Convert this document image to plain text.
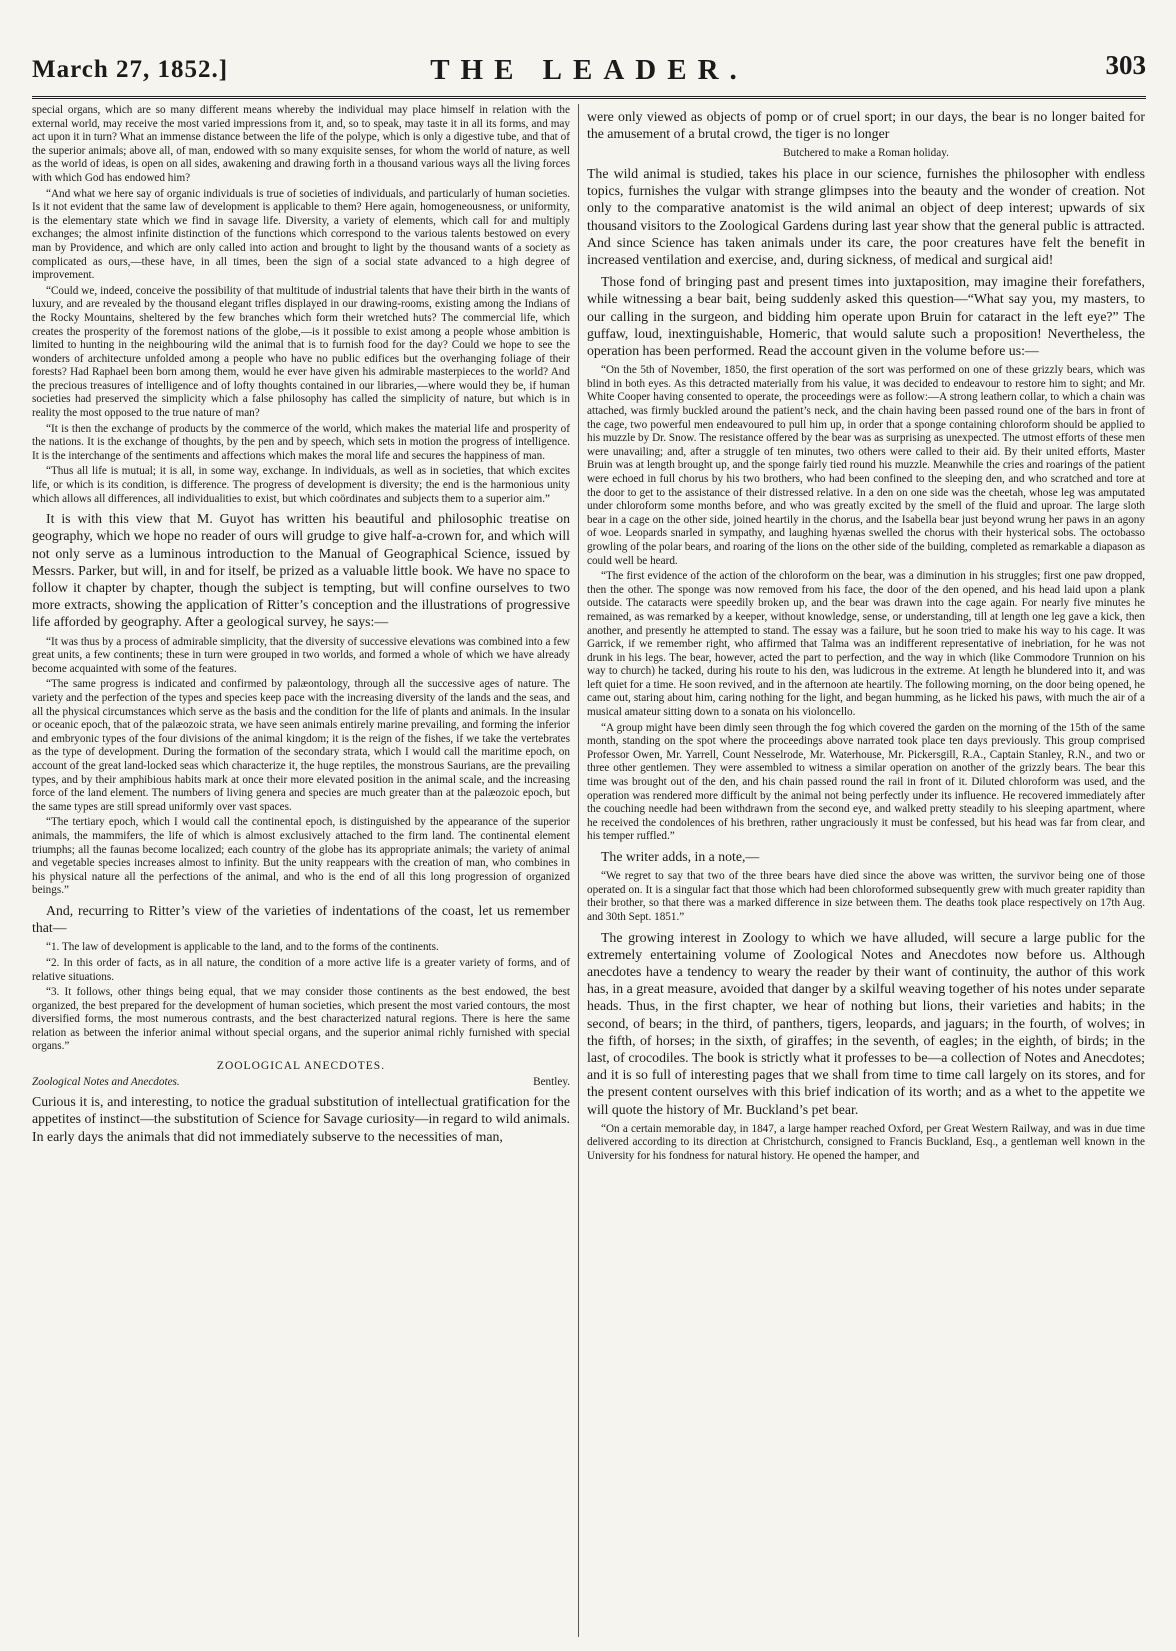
March 27, 1852.]	THE LEADER.	303

special organs, which are so many different means whereby the individual may place himself in relation with the external world, may receive the most varied impressions from it, and, so to speak, may taste it in all its forms, and may act upon it in turn? What an immense distance between the life of the polype, which is only a digestive tube, and that of the superior animals; above all, of man, endowed with so many exquisite senses, for whom the world of nature, as well as the world of ideas, is open on all sides, awakening and drawing forth in a thousand various ways all the living forces with which God has endowed him?

“And what we here say of organic individuals is true of societies of individuals, and particularly of human societies. Is it not evident that the same law of development is applicable to them? Here again, homogeneousness, or uniformity, is the elementary state which we find in savage life. Diversity, a variety of elements, which call for and multiply exchanges; the almost infinite distinction of the functions which correspond to the various talents bestowed on every man by Providence, and which are only called into action and brought to light by the thousand wants of a society as complicated as ours,—these have, in all times, been the sign of a social state advanced to a high degree of improvement.

“Could we, indeed, conceive the possibility of that multitude of industrial talents that have their birth in the wants of luxury, and are revealed by the thousand elegant trifles displayed in our drawing-rooms, existing among the Indians of the Rocky Mountains, sheltered by the few branches which form their wretched huts? The commercial life, which creates the prosperity of the foremost nations of the globe,—is it possible to exist among a people whose ambition is limited to hunting in the neighbouring wild the animal that is to furnish food for the day? Could we hope to see the wonders of architecture unfolded among a people who have no public edifices but the overhanging foliage of their forests? Had Raphael been born among them, would he ever have given his admirable masterpieces to the world? And the precious treasures of intelligence and of lofty thoughts contained in our libraries,—where would they be, if human societies had preserved the simplicity which a false philosophy has called the simplicity of nature, but which is in reality the most opposed to the true nature of man?

“It is then the exchange of products by the commerce of the world, which makes the material life and prosperity of the nations. It is the exchange of thoughts, by the pen and by speech, which sets in motion the progress of intelligence. It is the interchange of the sentiments and affections which makes the moral life and secures the happiness of man.

“Thus all life is mutual; it is all, in some way, exchange. In individuals, as well as in societies, that which excites life, or which is its condition, is difference. The progress of development is diversity; the end is the harmonious unity which allows all differences, all individualities to exist, but which coördinates and subjects them to a superior aim.”

It is with this view that M. Guyot has written his beautiful and philosophic treatise on geography, which we hope no reader of ours will grudge to give half-a-crown for, and which will not only serve as a luminous introduction to the Manual of Geographical Science, issued by Messrs. Parker, but will, in and for itself, be prized as a valuable little book. We have no space to follow it chapter by chapter, though the subject is tempting, but will confine ourselves to two more extracts, showing the application of Ritter’s conception and the illustrations of progressive life afforded by geography. After a geological survey, he says:—

“It was thus by a process of admirable simplicity, that the diversity of successive elevations was combined into a few great units, a few continents; these in turn were grouped in two worlds, and formed a whole of which we have already become acquainted with some of the features.

“The same progress is indicated and confirmed by palæontology, through all the successive ages of nature. The variety and the perfection of the types and species keep pace with the increasing diversity of the lands and the seas, and all the physical circumstances which serve as the basis and the condition for the life of plants and animals. In the insular or oceanic epoch, that of the palæozoic strata, we have seen animals entirely marine prevailing, and forming the inferior and embryonic types of the four divisions of the animal kingdom; it is the reign of the fishes, if we take the vertebrates as the type of development. During the formation of the secondary strata, which I would call the maritime epoch, on account of the great land-locked seas which characterize it, the huge reptiles, the monstrous Saurians, are the prevailing types, and by their amphibious habits mark at once their more elevated position in the animal scale, and the increasing force of the land element. The numbers of living genera and species are much greater than at the palæozoic epoch, but the same types are still spread uniformly over vast spaces.

“The tertiary epoch, which I would call the continental epoch, is distinguished by the appearance of the superior animals, the mammifers, the life of which is almost exclusively attached to the firm land. The continental element triumphs; all the faunas become localized; each country of the globe has its appropriate animals; the variety of animal and vegetable species increases almost to infinity. But the unity reappears with the creation of man, who combines in his physical nature all the perfections of the animal, and who is the end of all this long progression of organized beings.”

And, recurring to Ritter’s view of the varieties of indentations of the coast, let us remember that—

“1. The law of development is applicable to the land, and to the forms of the continents.

“2. In this order of facts, as in all nature, the condition of a more active life is a greater variety of forms, and of relative situations.

“3. It follows, other things being equal, that we may consider those continents as the best endowed, the best organized, the best prepared for the development of human societies, which present the most varied contours, the most diversified forms, the most numerous contrasts, and the best characterized natural regions. There is here the same relation as between the inferior animal without special organs, and the superior animal richly furnished with special organs.”

ZOOLOGICAL ANECDOTES.
Zoological Notes and Anecdotes.	Bentley.

Curious it is, and interesting, to notice the gradual substitution of intellectual gratification for the appetites of instinct—the substitution of Science for Savage curiosity—in regard to wild animals. In early days the animals that did not immediately subserve to the necessities of man,

were only viewed as objects of pomp or of cruel sport; in our days, the bear is no longer baited for the amusement of a brutal crowd, the tiger is no longer

Butchered to make a Roman holiday.

The wild animal is studied, takes his place in our science, furnishes the philosopher with endless topics, furnishes the vulgar with strange glimpses into the beauty and the wonder of creation. Not only to the comparative anatomist is the wild animal an object of deep interest; upwards of six thousand visitors to the Zoological Gardens during last year show that the general public is attracted. And since Science has taken animals under its care, the poor creatures have felt the benefit in increased ventilation and exercise, and, during sickness, of medical and surgical aid!

Those fond of bringing past and present times into juxtaposition, may imagine their forefathers, while witnessing a bear bait, being suddenly asked this question—“What say you, my masters, to our calling in the surgeon, and bidding him operate upon Bruin for cataract in the left eye?” The guffaw, loud, inextinguishable, Homeric, that would salute such a proposition! Nevertheless, the operation has been performed. Read the account given in the volume before us:—

“On the 5th of November, 1850, the first operation of the sort was performed on one of these grizzly bears, which was blind in both eyes. As this detracted materially from his value, it was decided to endeavour to restore him to sight; and Mr. White Cooper having consented to operate, the proceedings were as follow:—A strong leathern collar, to which a chain was attached, was firmly buckled around the patient’s neck, and the chain having been passed round one of the bars in front of the cage, two powerful men endeavoured to pull him up, in order that a sponge containing chloroform should be applied to his muzzle by Dr. Snow. The resistance offered by the bear was as surprising as unexpected. The utmost efforts of these men were unavailing; and, after a struggle of ten minutes, two others were called to their aid. By their united efforts, Master Bruin was at length brought up, and the sponge fairly tied round his muzzle. Meanwhile the cries and roarings of the patient were echoed in full chorus by his two brothers, who had been confined to the sleeping den, and who scratched and tore at the door to get to the assistance of their distressed relative. In a den on one side was the cheetah, whose leg was amputated under chloroform some months before, and who was greatly excited by the smell of the fluid and uproar. The large sloth bear in a cage on the other side, joined heartily in the chorus, and the Isabella bear just beyond wrung her paws in an agony of woe. Leopards snarled in sympathy, and laughing hyænas swelled the chorus with their hysterical sobs. The octobasso growling of the polar bears, and roaring of the lions on the other side of the building, completed as remarkable a diapason as could well be heard.

“The first evidence of the action of the chloroform on the bear, was a diminution in his struggles; first one paw dropped, then the other. The sponge was now removed from his face, the door of the den opened, and his head laid upon a plank outside. The cataracts were speedily broken up, and the bear was drawn into the cage again. For nearly five minutes he remained, as was remarked by a keeper, without knowledge, sense, or understanding, till at length one leg gave a kick, then another, and presently he attempted to stand. The essay was a failure, but he soon tried to make his way to his cage. It was Garrick, if we remember right, who affirmed that Talma was an indifferent representative of inebriation, for he was not drunk in his legs. The bear, however, acted the part to perfection, and the way in which (like Commodore Trunnion on his way to church) he tacked, during his route to his den, was ludicrous in the extreme. At length he blundered into it, and was left quiet for a time. He soon revived, and in the afternoon ate heartily. The following morning, on the door being opened, he came out, staring about him, caring nothing for the light, and began humming, as he licked his paws, with much the air of a musical amateur sitting down to a sonata on his violoncello.

“A group might have been dimly seen through the fog which covered the garden on the morning of the 15th of the same month, standing on the spot where the proceedings above narrated took place ten days previously. This group comprised Professor Owen, Mr. Yarrell, Count Nesselrode, Mr. Waterhouse, Mr. Pickersgill, R.A., Captain Stanley, R.N., and two or three other gentlemen. They were assembled to witness a similar operation on another of the grizzly bears. The bear this time was brought out of the den, and his chain passed round the rail in front of it. Diluted chloroform was used, and the operation was rendered more difficult by the animal not being perfectly under its influence. He recovered immediately after the couching needle had been withdrawn from the second eye, and walked pretty steadily to his sleeping apartment, where he received the condolences of his brethren, rather ungraciously it must be confessed, but his head was far from clear, and his temper ruffled.”

The writer adds, in a note,—

“We regret to say that two of the three bears have died since the above was written, the survivor being one of those operated on. It is a singular fact that those which had been chloroformed subsequently grew with much greater rapidity than their brother, so that there was a marked difference in size between them. The deaths took place respectively on 17th Aug. and 30th Sept. 1851.”

The growing interest in Zoology to which we have alluded, will secure a large public for the extremely entertaining volume of Zoological Notes and Anecdotes now before us. Although anecdotes have a tendency to weary the reader by their want of continuity, the author of this work has, in a great measure, avoided that danger by a skilful weaving together of his notes under separate heads. Thus, in the first chapter, we hear of nothing but lions, their varieties and habits; in the second, of bears; in the third, of panthers, tigers, leopards, and jaguars; in the fourth, of wolves; in the fifth, of horses; in the sixth, of giraffes; in the seventh, of eagles; in the eighth, of birds; in the last, of crocodiles. The book is strictly what it professes to be—a collection of Notes and Anecdotes; and it is so full of interesting pages that we shall from time to time call largely on its stores, and for the present content ourselves with this brief indication of its worth; and as a whet to the appetite we will quote the history of Mr. Buckland’s pet bear.

“On a certain memorable day, in 1847, a large hamper reached Oxford, per Great Western Railway, and was in due time delivered according to its direction at Christchurch, consigned to Francis Buckland, Esq., a gentleman well known in the University for his fondness for natural history. He opened the hamper, and
